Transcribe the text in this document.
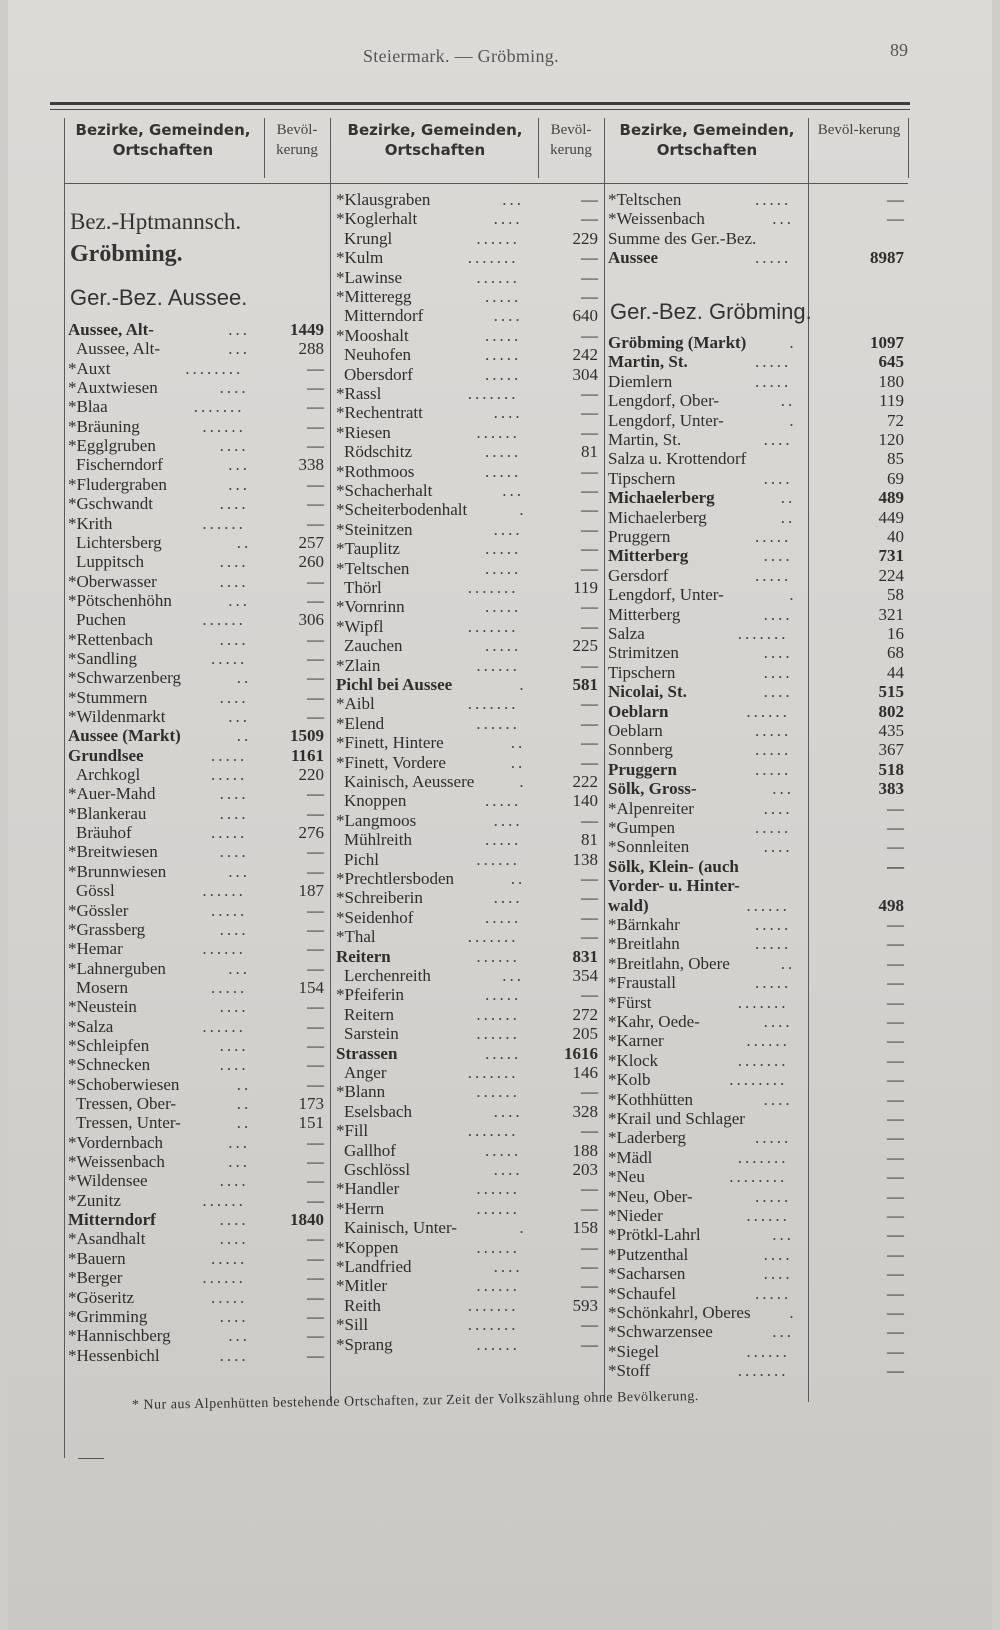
Steiermark. — Gröbming.	89
Bezirke, Gemeinden, Ortschaften
Bevöl-kerung
Bezirke, Gemeinden, Ortschaften
Bevöl-kerung
Bezirke, Gemeinden, Ortschaften
Bevöl-kerung
Bez.-Hptmannsch.
Gröbming.
Ger.-Bez. Aussee.
Aussee, Alt-	...	1449
Aussee, Alt-	...	288
*Auxt	........	—
*Auxtwiesen	....	—
*Blaa	.......	—
*Bräuning	......	—
*Egglgruben	....	—
Fischerndorf	...	338
*Fludergraben	...	—
*Gschwandt	....	—
*Krith	......	—
Lichtersberg	..	257
Luppitsch	....	260
*Oberwasser	....	—
*Pötschenhöhn	...	—
Puchen	......	306
*Rettenbach	....	—
*Sandling	.....	—
*Schwarzenberg	..	—
*Stummern	....	—
*Wildenmarkt	...	—
Aussee (Markt)	..	1509
Grundlsee	.....	1161
Archkogl	.....	220
*Auer-Mahd	....	—
*Blankerau	....	—
Bräuhof	.....	276
*Breitwiesen	....	—
*Brunnwiesen	...	—
Gössl	......	187
*Gössler	.....	—
*Grassberg	....	—
*Hemar	......	—
*Lahnerguben	...	—
Mosern	.....	154
*Neustein	....	—
*Salza	......	—
*Schleipfen	....	—
*Schnecken	....	—
*Schoberwiesen	..	—
Tressen, Ober-	..	173
Tressen, Unter-	..	151
*Vordernbach	...	—
*Weissenbach	...	—
*Wildensee	....	—
*Zunitz	......	—
Mitterndorf	....	1840
*Asandhalt	....	—
*Bauern	.....	—
*Berger	......	—
*Göseritz	.....	—
*Grimming	....	—
*Hannischberg	...	—
*Hessenbichl	....	—
*Klausgraben	...	—
*Koglerhalt	....	—
Krungl	......	229
*Kulm	.......	—
*Lawinse	......	—
*Mitteregg	.....	—
Mitterndorf	....	640
*Mooshalt	.....	—
Neuhofen	.....	242
Obersdorf	.....	304
*Rassl	.......	—
*Rechentratt	....	—
*Riesen	......	—
Rödschitz	.....	81
*Rothmoos	.....	—
*Schacherhalt	...	—
*Scheiterbodenhalt	.	—
*Steinitzen	....	—
*Tauplitz	.....	—
*Teltschen	.....	—
Thörl	.......	119
*Vornrinn	.....	—
*Wipfl	.......	—
Zauchen	.....	225
*Zlain	......	—
Pichl bei Aussee	.	581
*Aibl	.......	—
*Elend	......	—
*Finett, Hintere	..	—
*Finett, Vordere	..	—
Kainisch, Aeussere	.	222
Knoppen	.....	140
*Langmoos	....	—
Mühlreith	.....	81
Pichl	......	138
*Prechtlersboden	..	—
*Schreiberin	....	—
*Seidenhof	.....	—
*Thal	.......	—
Reitern	......	831
Lerchenreith	...	354
*Pfeiferin	.....	—
Reitern	......	272
Sarstein	......	205
Strassen	.....	1616
Anger	.......	146
*Blann	......	—
Eselsbach	....	328
*Fill	.......	—
Gallhof	.....	188
Gschlössl	....	203
*Handler	......	—
*Herrn	......	—
Kainisch, Unter-	.	158
*Koppen	......	—
*Landfried	....	—
*Mitler	......	—
Reith	.......	593
*Sill	.......	—
*Sprang	......	—
*Teltschen	.....	—
*Weissenbach	...	—
Summe des Ger.-Bez.
Aussee	.....	8987
Ger.-Bez. Gröbming.
Gröbming (Markt)	.	1097
Martin, St.	.....	645
Diemlern	.....	180
Lengdorf, Ober-	..	119
Lengdorf, Unter-	.	72
Martin, St.	....	120
Salza u. Krottendorf	85
Tipschern	....	69
Michaelerberg	..	489
Michaelerberg	..	449
Pruggern	.....	40
Mitterberg	....	731
Gersdorf	.....	224
Lengdorf, Unter-	.	58
Mitterberg	....	321
Salza	.......	16
Strimitzen	....	68
Tipschern	....	44
Nicolai, St.	....	515
Oeblarn	......	802
Oeblarn	.....	435
Sonnberg	.....	367
Pruggern	.....	518
Sölk, Gross-	...	383
*Alpenreiter	....	—
*Gumpen	.....	—
*Sonnleiten	....	—
Sölk, Klein- (auch	—
Vorder- u. Hinter-
wald)	......	498
*Bärnkahr	.....	—
*Breitlahn	.....	—
*Breitlahn, Obere	..	—
*Fraustall	.....	—
*Fürst	.......	—
*Kahr, Oede-	....	—
*Karner	......	—
*Klock	.......	—
*Kolb	........	—
*Kothhütten	....	—
*Krail und Schlager	—
*Laderberg	.....	—
*Mädl	.......	—
*Neu	........	—
*Neu, Ober-	.....	—
*Nieder	......	—
*Prötkl-Lahrl	...	—
*Putzenthal	....	—
*Sacharsen	....	—
*Schaufel	.....	—
*Schönkahrl, Oberes .	—
*Schwarzensee	...	—
*Siegel	......	—
*Stoff	.......	—
* Nur aus Alpenhütten bestehende Ortschaften, zur Zeit der Volkszählung ohne Bevölkerung.
